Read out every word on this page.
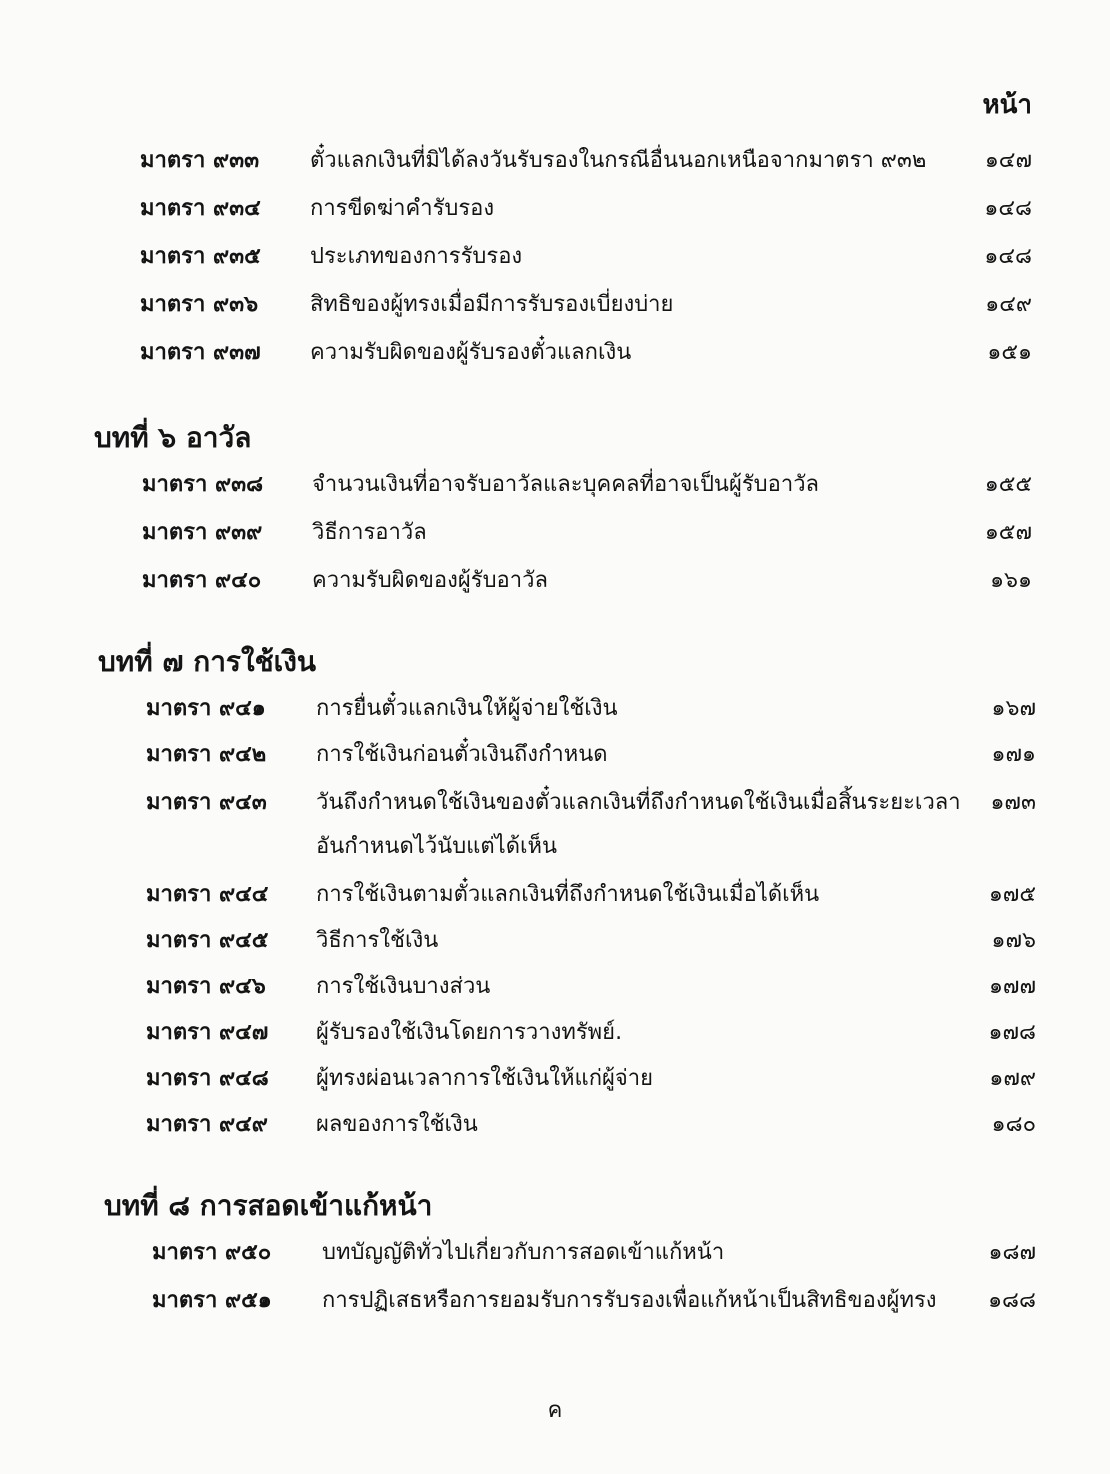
หน้า
มาตรา ๙๓๓	ตั๋วแลกเงินที่มิได้ลงวันรับรองในกรณีอื่นนอกเหนือจากมาตรา ๙๓๒	๑๔๗
มาตรา ๙๓๔	การขีดฆ่าคำรับรอง	๑๔๘
มาตรา ๙๓๕	ประเภทของการรับรอง	๑๔๘
มาตรา ๙๓๖	สิทธิของผู้ทรงเมื่อมีการรับรองเบี่ยงบ่าย	๑๔๙
มาตรา ๙๓๗	ความรับผิดของผู้รับรองตั๋วแลกเงิน	๑๕๑
บทที่ ๖ อาวัล
มาตรา ๙๓๘	จำนวนเงินที่อาจรับอาวัลและบุคคลที่อาจเป็นผู้รับอาวัล	๑๕๕
มาตรา ๙๓๙	วิธีการอาวัล	๑๕๗
มาตรา ๙๔๐	ความรับผิดของผู้รับอาวัล	๑๖๑
บทที่ ๗ การใช้เงิน
มาตรา ๙๔๑	การยื่นตั๋วแลกเงินให้ผู้จ่ายใช้เงิน	๑๖๗
มาตรา ๙๔๒	การใช้เงินก่อนตั๋วเงินถึงกำหนด	๑๗๑
มาตรา ๙๔๓	วันถึงกำหนดใช้เงินของตั๋วแลกเงินที่ถึงกำหนดใช้เงินเมื่อสิ้นระยะเวลา	๑๗๓
อันกำหนดไว้นับแต่ได้เห็น
มาตรา ๙๔๔	การใช้เงินตามตั๋วแลกเงินที่ถึงกำหนดใช้เงินเมื่อได้เห็น	๑๗๕
มาตรา ๙๔๕	วิธีการใช้เงิน	๑๗๖
มาตรา ๙๔๖	การใช้เงินบางส่วน	๑๗๗
มาตรา ๙๔๗	ผู้รับรองใช้เงินโดยการวางทรัพย์.	๑๗๘
มาตรา ๙๔๘	ผู้ทรงผ่อนเวลาการใช้เงินให้แก่ผู้จ่าย	๑๗๙
มาตรา ๙๔๙	ผลของการใช้เงิน	๑๘๐
บทที่ ๘ การสอดเข้าแก้หน้า
มาตรา ๙๕๐	บทบัญญัติทั่วไปเกี่ยวกับการสอดเข้าแก้หน้า	๑๘๗
มาตรา ๙๕๑	การปฏิเสธหรือการยอมรับการรับรองเพื่อแก้หน้าเป็นสิทธิของผู้ทรง	๑๘๘
ค
